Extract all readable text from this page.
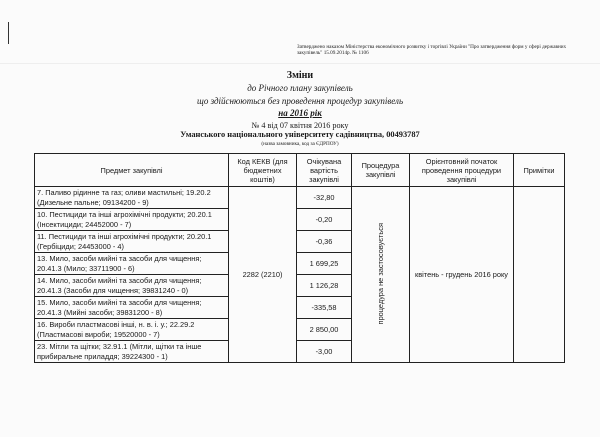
Затверджено наказом Міністерства економічного розвитку і торгівлі України "Про затвердження форм у сфері державних закупівель" 15.09.2014р. № 1106
Зміни
до Річного плану закупівель
що здійснюються без проведення процедур закупівель
на 2016 рік
№ 4 від 07 квітня 2016 року
Уманського національного університету садівництва, 00493787
(назва замовника, код за ЄДРПОУ)
Предмет закупівлі	Код КЕКВ (для бюджетних коштів)	Очікувана вартість закупівлі	Процедура закупівлі	Орієнтовний початок проведення процедури закупівлі	Примітки
7. Паливо рідинне та газ; оливи мастильні; 19.20.2 (Дизельне пальне; 09134200 - 9)	2282 (2210)	-32,80	процедура не застосовується	квітень - грудень 2016 року	
10. Пестициди та інші агрохімічні продукти; 20.20.1 (Інсектициди; 24452000 - 7)		-0,20			
11. Пестициди та інші агрохімічні продукти; 20.20.1 (Гербіциди; 24453000 - 4)		-0,36			
13. Мило, засоби мийні та засоби для чищення; 20.41.3 (Мило; 33711900 - 6)		1 699,25			
14. Мило, засоби мийні та засоби для чищення; 20.41.3 (Засоби для чищення; 39831240 - 0)		1 126,28			
15. Мило, засоби мийні та засоби для чищення; 20.41.3 (Мийні засоби; 39831200 - 8)		-335,58			
16. Вироби пластмасові інші, н. в. і. у.; 22.29.2 (Пластмасові вироби; 19520000 - 7)		2 850,00			
23. Мітли та щітки; 32.91.1 (Мітли, щітки та інше прибиральне приладдя; 39224300 - 1)		-3,00			
